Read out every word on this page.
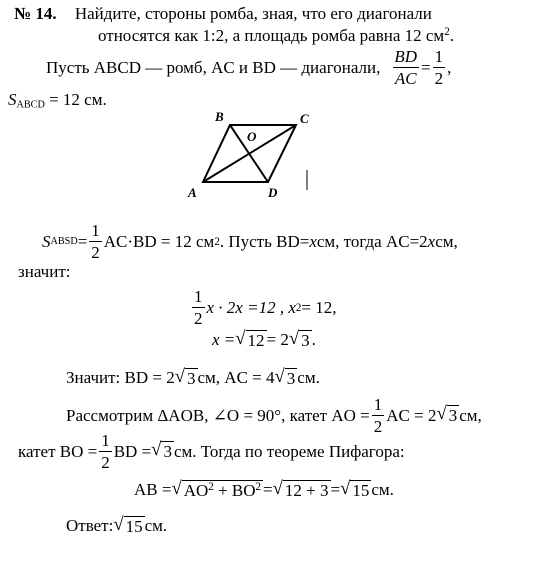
№ 14. Найдите, стороны ромба, зная, что его диагонали
относятся как 1:2, а площадь ромба равна 12 $см^2$.
Пусть ABCD — ромб, AC и BD — диагонали, $\frac{BD}{AC} = \frac{1}{2}$ ,
$S_{ABCD} = 12$ см.
B	C
O
A	D
S ABSD = $\frac{1}{2} AC\cdot BD = 12$ см 2 . Пусть BD= x см, тогда AC=2 x см,
значит:
$\frac{1}{2}$ x · 2x =12 , x 2 = 12,
x = √ 12 = 2 √ 3 .
Значит: BD = 2 √ 3 см, AC = 4 √ 3 см.
Рассмотрим ΔAOB, ∠O = 90°, катет AO = $\frac{1}{2}$ AC = 2 √ 3 см,
катет BO = $\frac{1}{2}$ BD = √ 3 см. Тогда по теореме Пифагора:
AB = √ $AO^2 + BO^2$ = √ 12 + 3 = √ 15 см.
Ответ: √ 15 см.
